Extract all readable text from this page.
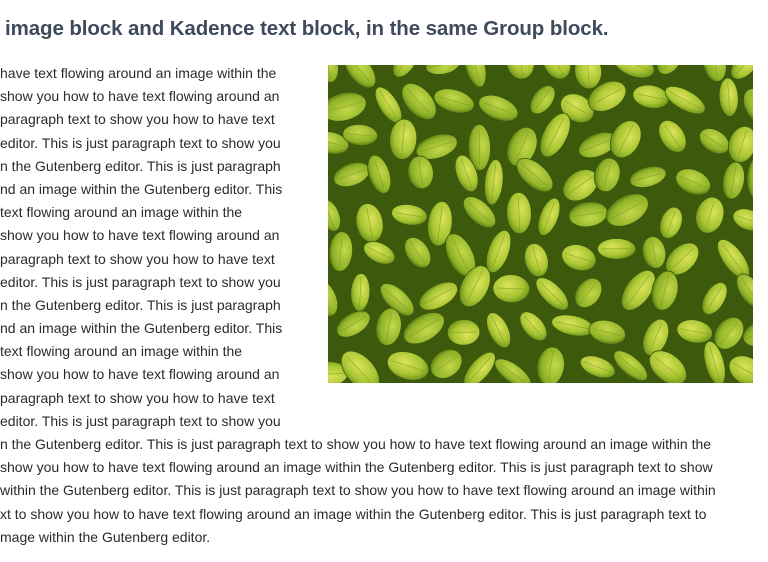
image block and Kadence text block, in the same Group block.
have text flowing around an image within the
show you how to have text flowing around an
paragraph text to show you how to have text
editor. This is just paragraph text to show you
n the Gutenberg editor. This is just paragraph
nd an image within the Gutenberg editor. This
text flowing around an image within the
show you how to have text flowing around an
paragraph text to show you how to have text
editor. This is just paragraph text to show you
n the Gutenberg editor. This is just paragraph
nd an image within the Gutenberg editor. This
text flowing around an image within the
show you how to have text flowing around an
paragraph text to show you how to have text
editor. This is just paragraph text to show you
n the Gutenberg editor. This is just paragraph text to show you how to have text flowing around an image within the
show you how to have text flowing around an image within the Gutenberg editor. This is just paragraph text to show
within the Gutenberg editor. This is just paragraph text to show you how to have text flowing around an image within
xt to show you how to have text flowing around an image within the Gutenberg editor. This is just paragraph text to
mage within the Gutenberg editor.
